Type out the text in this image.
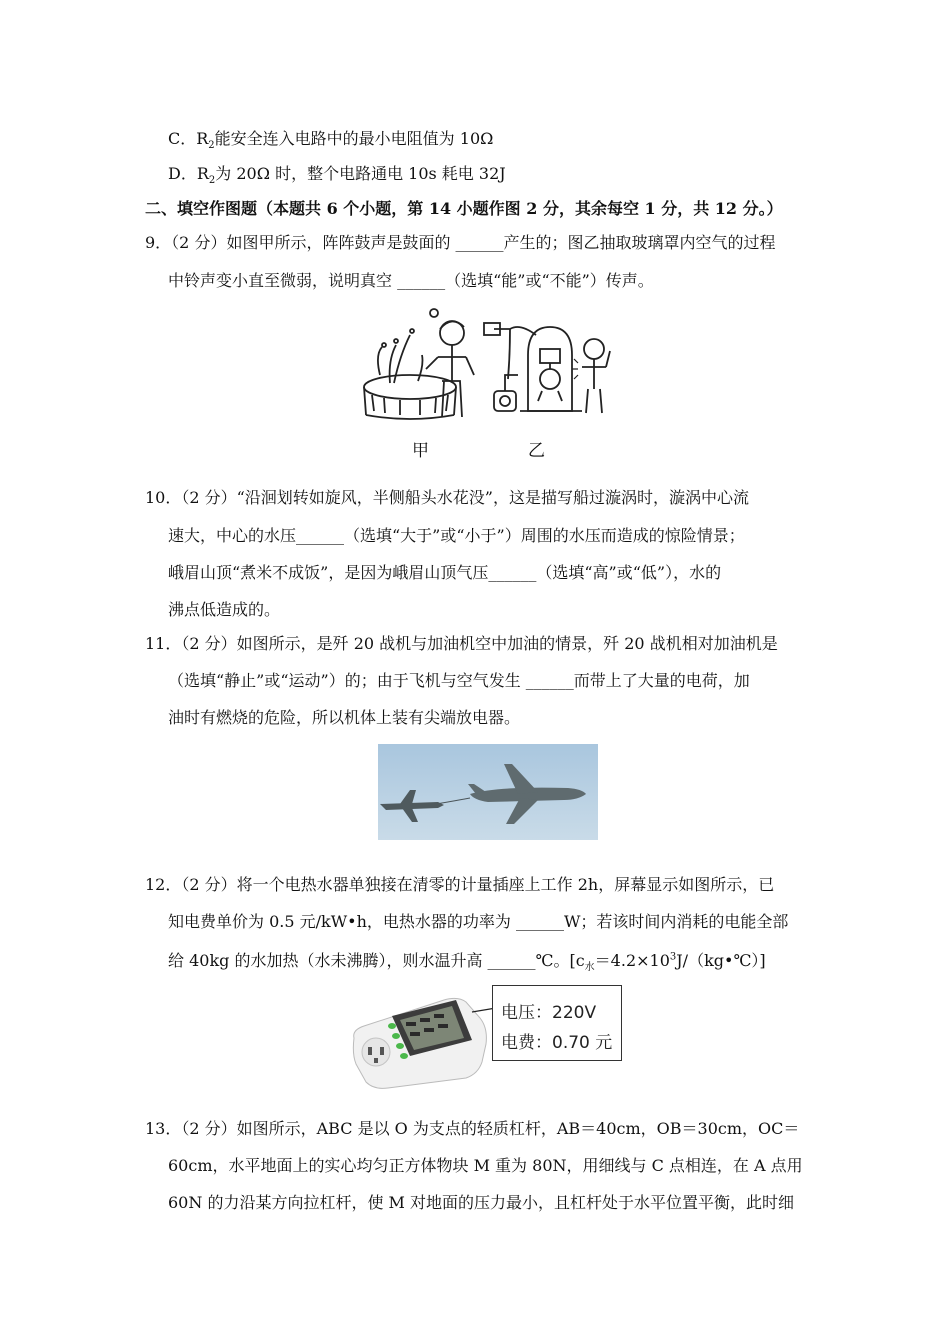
C．$R_2$能安全连入电路中的最小电阻值为 10Ω
D．$R_2$为 20Ω 时，整个电路通电 10s 耗电 32J
二、填空作图题（本题共 6 个小题，第 14 小题作图 2 分，其余每空 1 分，共 12 分。）
9．（2 分）如图甲所示，阵阵鼓声是鼓面的 ______产生的；图乙抽取玻璃罩内空气的过程
中铃声变小直至微弱，说明真空 ______（选填“能”或“不能”）传声。
甲	乙
10．（2 分）“沿洄划转如旋风，半侧船头水花没”，这是描写船过漩涡时，漩涡中心流
速大，中心的水压______（选填“大于”或“小于”）周围的水压而造成的惊险情景；
峨眉山顶“煮米不成饭”，是因为峨眉山顶气压______（选填“高”或“低”），水的
沸点低造成的。
11．（2 分）如图所示，是歼 20 战机与加油机空中加油的情景，歼 20 战机相对加油机是
（选填“静止”或“运动”）的；由于飞机与空气发生 ______而带上了大量的电荷，加
油时有燃烧的危险，所以机体上装有尖端放电器。
12．（2 分）将一个电热水器单独接在清零的计量插座上工作 2h，屏幕显示如图所示，已
知电费单价为 0.5 元/kW•h，电热水器的功率为 ______W；若该时间内消耗的电能全部
给 40kg 的水加热（水未沸腾），则水温升高 ______℃。$[c_水=4.2\times 10^3J/(kg•℃)]$
电压：220V
电费：0.70 元
13．（2 分）如图所示，ABC 是以 O 为支点的轻质杠杆，AB＝40cm，OB＝30cm，OC＝
60cm，水平地面上的实心均匀正方体物块 M 重为 80N，用细线与 C 点相连，在 A 点用
60N 的力沿某方向拉杠杆，使 M 对地面的压力最小，且杠杆处于水平位置平衡，此时细
